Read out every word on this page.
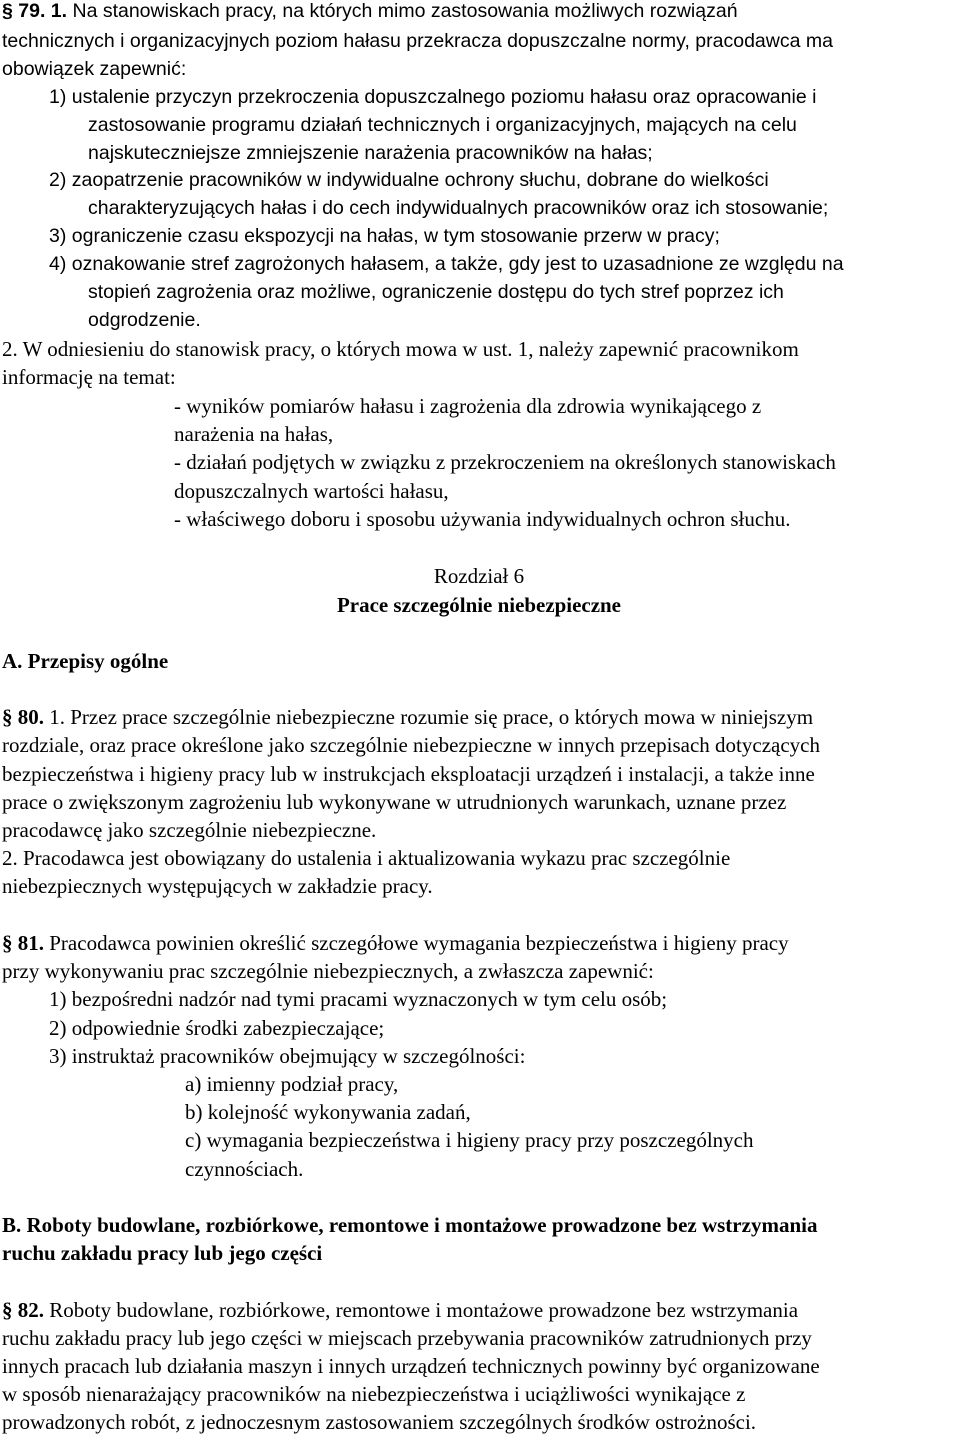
§ 79. 1. Na stanowiskach pracy, na których mimo zastosowania możliwych rozwiązań
technicznych i organizacyjnych poziom hałasu przekracza dopuszczalne normy, pracodawca ma
obowiązek zapewnić:
1) ustalenie przyczyn przekroczenia dopuszczalnego poziomu hałasu oraz opracowanie i
zastosowanie programu działań technicznych i organizacyjnych, mających na celu
najskuteczniejsze zmniejszenie narażenia pracowników na hałas;
2) zaopatrzenie pracowników w indywidualne ochrony słuchu, dobrane do wielkości
charakteryzujących hałas i do cech indywidualnych pracowników oraz ich stosowanie;
3) ograniczenie czasu ekspozycji na hałas, w tym stosowanie przerw w pracy;
4) oznakowanie stref zagrożonych hałasem, a także, gdy jest to uzasadnione ze względu na
stopień zagrożenia oraz możliwe, ograniczenie dostępu do tych stref poprzez ich
odgrodzenie.
2. W odniesieniu do stanowisk pracy, o których mowa w ust. 1, należy zapewnić pracownikom
informację na temat:
- wyników pomiarów hałasu i zagrożenia dla zdrowia wynikającego z
narażenia na hałas,
- działań podjętych w związku z przekroczeniem na określonych stanowiskach
dopuszczalnych wartości hałasu,
- właściwego doboru i sposobu używania indywidualnych ochron słuchu.
Rozdział 6
Prace szczególnie niebezpieczne
A. Przepisy ogólne
§ 80. 1. Przez prace szczególnie niebezpieczne rozumie się prace, o których mowa w niniejszym
rozdziale, oraz prace określone jako szczególnie niebezpieczne w innych przepisach dotyczących
bezpieczeństwa i higieny pracy lub w instrukcjach eksploatacji urządzeń i instalacji, a także inne
prace o zwiększonym zagrożeniu lub wykonywane w utrudnionych warunkach, uznane przez
pracodawcę jako szczególnie niebezpieczne.
2. Pracodawca jest obowiązany do ustalenia i aktualizowania wykazu prac szczególnie
niebezpiecznych występujących w zakładzie pracy.
§ 81. Pracodawca powinien określić szczegółowe wymagania bezpieczeństwa i higieny pracy
przy wykonywaniu prac szczególnie niebezpiecznych, a zwłaszcza zapewnić:
1) bezpośredni nadzór nad tymi pracami wyznaczonych w tym celu osób;
2) odpowiednie środki zabezpieczające;
3) instruktaż pracowników obejmujący w szczególności:
a) imienny podział pracy,
b) kolejność wykonywania zadań,
c) wymagania bezpieczeństwa i higieny pracy przy poszczególnych
czynnościach.
B. Roboty budowlane, rozbiórkowe, remontowe i montażowe prowadzone bez wstrzymania
ruchu zakładu pracy lub jego części
§ 82. Roboty budowlane, rozbiórkowe, remontowe i montażowe prowadzone bez wstrzymania
ruchu zakładu pracy lub jego części w miejscach przebywania pracowników zatrudnionych przy
innych pracach lub działania maszyn i innych urządzeń technicznych powinny być organizowane
w sposób nienarażający pracowników na niebezpieczeństwa i uciążliwości wynikające z
prowadzonych robót, z jednoczesnym zastosowaniem szczególnych środków ostrożności.
